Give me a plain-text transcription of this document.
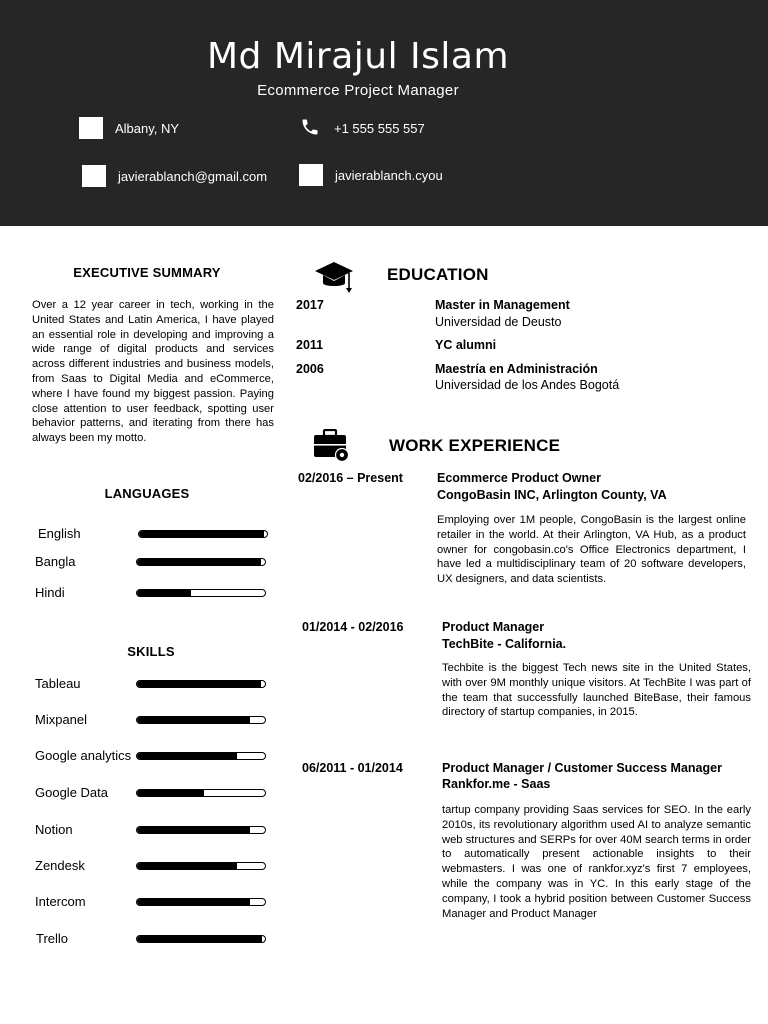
Md Mirajul Islam
Ecommerce Project Manager
Albany, NY	+1 555 555 557
javierablanch@gmail.com	javierablanch.cyou
EXECUTIVE SUMMARY
Over a 12 year career in tech, working in the United States and Latin America, I have played an essential role in developing and improving a wide range of digital products and services across different industries and business models, from Saas to Digital Media and eCommerce, where I have found my biggest passion. Paying close attention to user feedback, spotting user behavior patterns, and iterating from there has always been my motto.
LANGUAGES
English
Bangla
Hindi
SKILLS
Tableau
Mixpanel
Google analytics
Google Data
Notion
Zendesk
Intercom
Trello
EDUCATION
2017	Master in Management
Universidad de Deusto
2011	YC alumni
2006	Maestría en Administración
Universidad de los Andes Bogotá
WORK EXPERIENCE
02/2016 – Present	Ecommerce Product Owner
CongoBasin INC, Arlington County, VA
Employing over 1M people, CongoBasin is the largest online retailer in the world. At their Arlington, VA Hub, as a product owner for congobasin.co's Office Electronics department, I have led a multidisciplinary team of 20 software developers, UX designers, and data scientists.
01/2014 - 02/2016	Product Manager
TechBite - California.
Techbite is the biggest Tech news site in the United States, with over 9M monthly unique visitors. At TechBite I was part of the team that successfully launched BiteBase, their famous directory of startup companies, in 2015.
06/2011 - 01/2014	Product Manager / Customer Success Manager
Rankfor.me - Saas
tartup company providing Saas services for SEO. In the early 2010s, its revolutionary algorithm used AI to analyze semantic web structures and SERPs for over 40M search terms in order to automatically present actionable insights to their webmasters. I was one of rankfor.xyz's first 7 employees, while the company was in YC. In this early stage of the company, I took a hybrid position between Customer Success Manager and Product Manager
